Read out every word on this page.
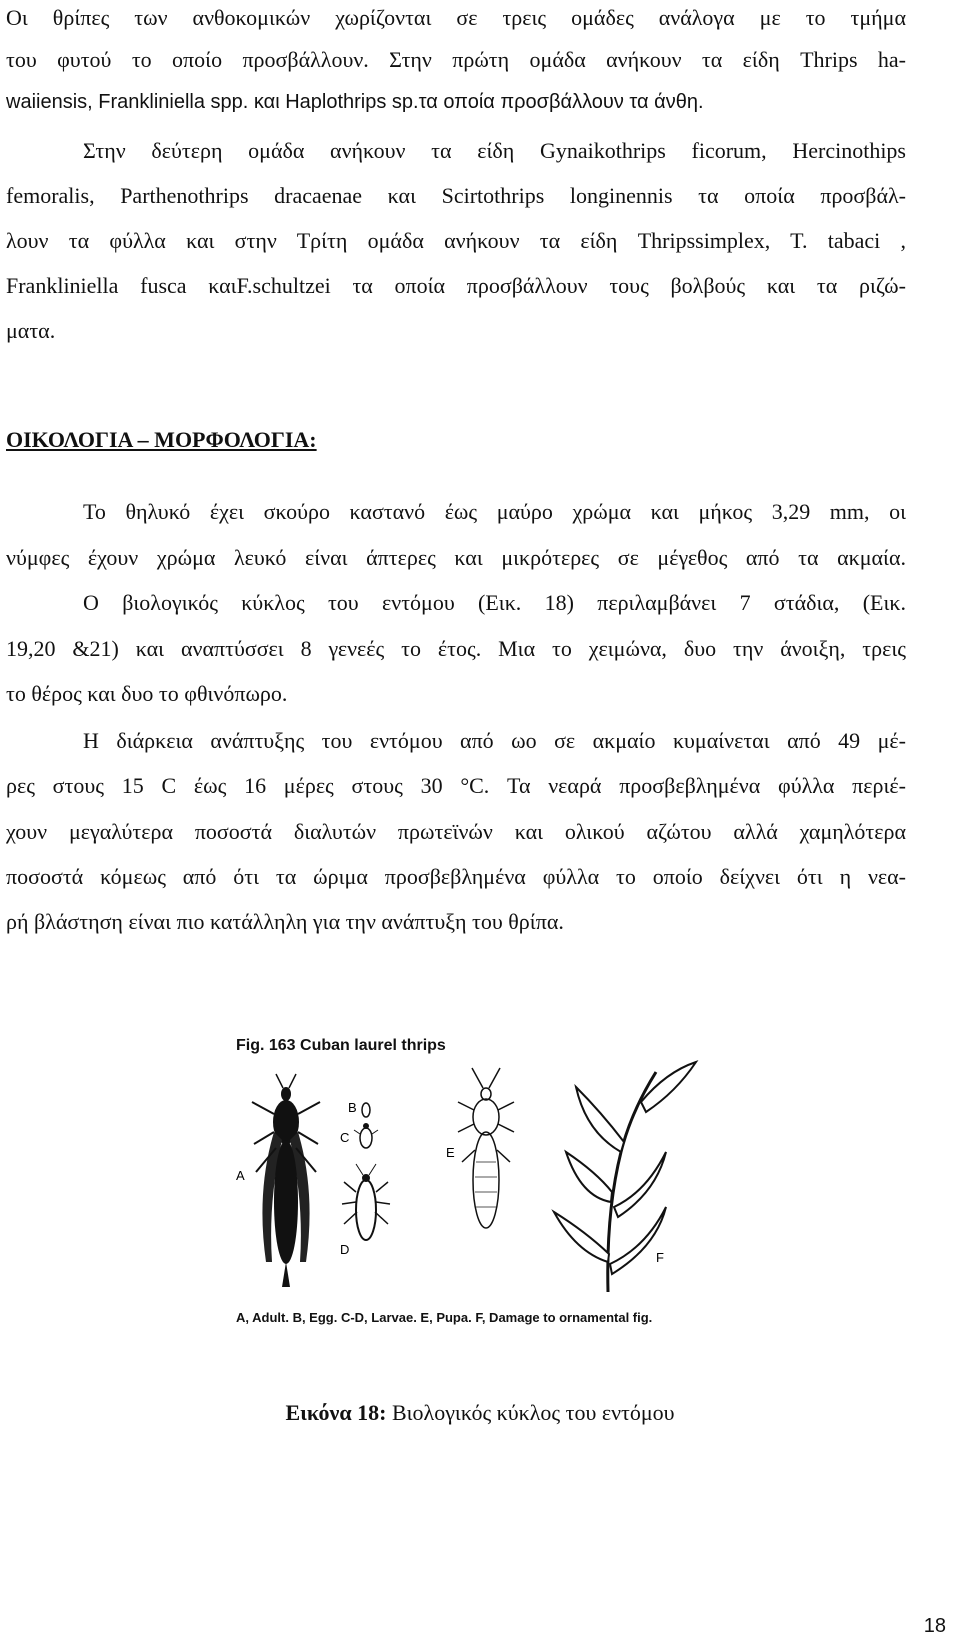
Οι θρίπες των ανθοκομικών χωρίζονται σε τρεις ομάδες ανάλογα με το τμήμα
του φυτού το οποίο προσβάλλουν. Στην πρώτη ομάδα ανήκουν τα είδη Thrips ha-
waiiensis, Frankliniella spp. και Haplothrips sp.τα οποία προσβάλλουν τα άνθη.
Στην δεύτερη ομάδα ανήκουν τα είδη Gynaikothrips ficorum, Hercinothips
femoralis, Parthenothrips dracaenae και Scirtothrips longinennis τα οποία προσβάλ-
λουν τα φύλλα και στην Τρίτη ομάδα ανήκουν τα είδη Thripssimplex, T. tabaci ,
Frankliniella fusca καιF.schultzei τα οποία προσβάλλουν τους βολβούς και τα ριζώ-
ματα.
ΟΙΚΟΛΟΓΙΑ – ΜΟΡΦΟΛΟΓΙΑ:
Το θηλυκό έχει σκούρο καστανό έως μαύρο χρώμα και μήκος 3,29 mm, οι
νύμφες έχουν χρώμα λευκό είναι άπτερες και μικρότερες σε μέγεθος από τα ακμαία.
Ο βιολογικός κύκλος του εντόμου (Εικ. 18) περιλαμβάνει 7 στάδια, (Εικ.
19,20 &21) και αναπτύσσει 8 γενεές το έτος. Μια το χειμώνα, δυο την άνοιξη, τρεις
το θέρος και δυο το φθινόπωρο.
Η διάρκεια ανάπτυξης του εντόμου από ωο σε ακμαίο κυμαίνεται από 49 μέ-
ρες στους 15 C έως 16 μέρες στους 30 °C. Τα νεαρά προσβεβλημένα φύλλα περιέ-
χουν μεγαλύτερα ποσοστά διαλυτών πρωτεϊνών και ολικού αζώτου αλλά χαμηλότερα
ποσοστά κόμεως από ότι τα ώριμα προσβεβλημένα φύλλα το οποίο δείχνει ότι η νεα-
ρή βλάστηση είναι πιο κατάλληλη για την ανάπτυξη του θρίπα.
Fig. 163 Cuban laurel thrips
A
B
C
D
E
F
A, Adult. B, Egg. C-D, Larvae. E, Pupa. F, Damage to ornamental fig.
Εικόνα 18: Βιολογικός κύκλος του εντόμου
18
